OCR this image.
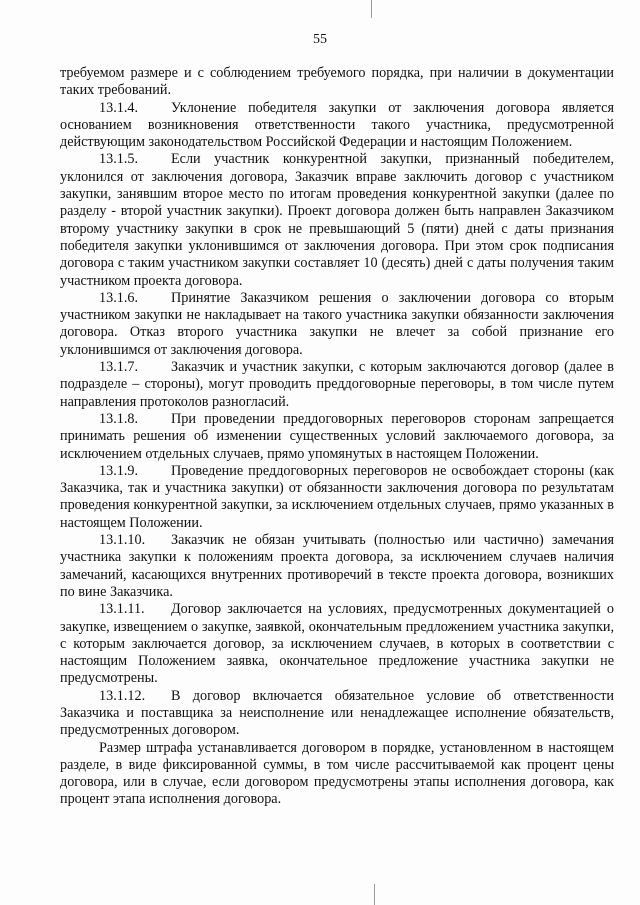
55

требуемом размере и с соблюдением требуемого порядка, при наличии в документации таких требований.

13.1.4. Уклонение победителя закупки от заключения договора является основанием возникновения ответственности такого участника, предусмотренной действующим законодательством Российской Федерации и настоящим Положением.

13.1.5. Если участник конкурентной закупки, признанный победителем, уклонился от заключения договора, Заказчик вправе заключить договор с участником закупки, занявшим второе место по итогам проведения конкурентной закупки (далее по разделу - второй участник закупки). Проект договора должен быть направлен Заказчиком второму участнику закупки в срок не превышающий 5 (пяти) дней с даты признания победителя закупки уклонившимся от заключения договора. При этом срок подписания договора с таким участником закупки составляет 10 (десять) дней с даты получения таким участником проекта договора.

13.1.6. Принятие Заказчиком решения о заключении договора со вторым участником закупки не накладывает на такого участника закупки обязанности заключения договора. Отказ второго участника закупки не влечет за собой признание его уклонившимся от заключения договора.

13.1.7. Заказчик и участник закупки, с которым заключаются договор (далее в подразделе – стороны), могут проводить преддоговорные переговоры, в том числе путем направления протоколов разногласий.

13.1.8. При проведении преддоговорных переговоров сторонам запрещается принимать решения об изменении существенных условий заключаемого договора, за исключением отдельных случаев, прямо упомянутых в настоящем Положении.

13.1.9. Проведение преддоговорных переговоров не освобождает стороны (как Заказчика, так и участника закупки) от обязанности заключения договора по результатам проведения конкурентной закупки, за исключением отдельных случаев, прямо указанных в настоящем Положении.

13.1.10. Заказчик не обязан учитывать (полностью или частично) замечания участника закупки к положениям проекта договора, за исключением случаев наличия замечаний, касающихся внутренних противоречий в тексте проекта договора, возникших по вине Заказчика.

13.1.11. Договор заключается на условиях, предусмотренных документацией о закупке, извещением о закупке, заявкой, окончательным предложением участника закупки, с которым заключается договор, за исключением случаев, в которых в соответствии с настоящим Положением заявка, окончательное предложение участника закупки не предусмотрены.

13.1.12. В договор включается обязательное условие об ответственности Заказчика и поставщика за неисполнение или ненадлежащее исполнение обязательств, предусмотренных договором.

Размер штрафа устанавливается договором в порядке, установленном в настоящем разделе, в виде фиксированной суммы, в том числе рассчитываемой как процент цены договора, или в случае, если договором предусмотрены этапы исполнения договора, как процент этапа исполнения договора.
